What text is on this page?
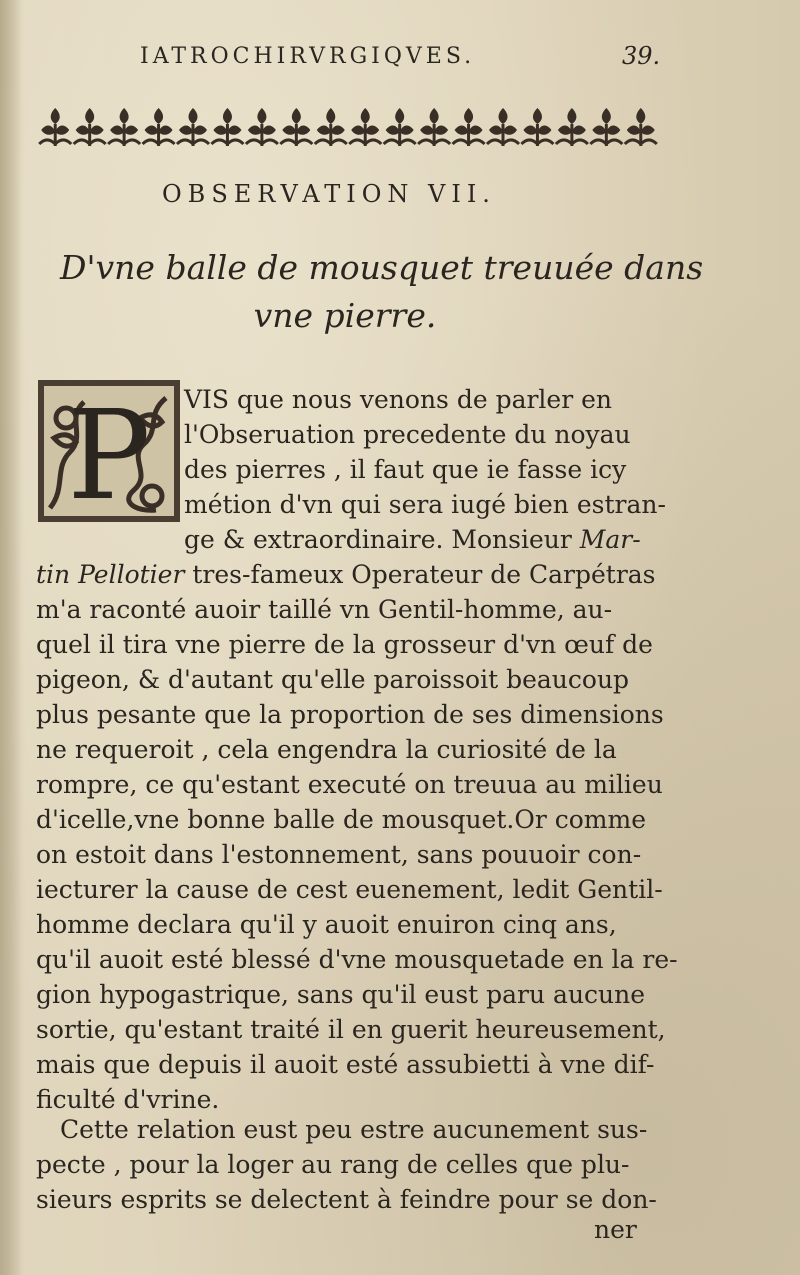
IATROCHIRVRGIQVES.	39.
OBSERVATION VII.
D'vne balle de mousquet treuuée dans
vne pierre.
P VIS que nous venons de parler en
l'Obseruation precedente du noyau
des pierres , il faut que ie fasse icy
métion d'vn qui sera iugé bien estran-
ge & extraordinaire. Monsieur Mar-
tin Pellotier tres-fameux Operateur de Carpétras
m'a raconté auoir taillé vn Gentil-homme, au-
quel il tira vne pierre de la grosseur d'vn œuf de
pigeon, & d'autant qu'elle paroissoit beaucoup
plus pesante que la proportion de ses dimensions
ne requeroit , cela engendra la curiosité de la
rompre, ce qu'estant executé on treuua au milieu
d'icelle,vne bonne balle de mousquet.Or comme
on estoit dans l'estonnement, sans pouuoir con-
iecturer la cause de cest euenement, ledit Gentil-
homme declara qu'il y auoit enuiron cinq ans,
qu'il auoit esté blessé d'vne mousquetade en la re-
gion hypogastrique, sans qu'il eust paru aucune
sortie, qu'estant traité il en guerit heureusement,
mais que depuis il auoit esté assubietti à vne dif-
ficulté d'vrine.
Cette relation eust peu estre aucunement sus-
pecte , pour la loger au rang de celles que plu-
sieurs esprits se delectent à feindre pour se don-
ner
